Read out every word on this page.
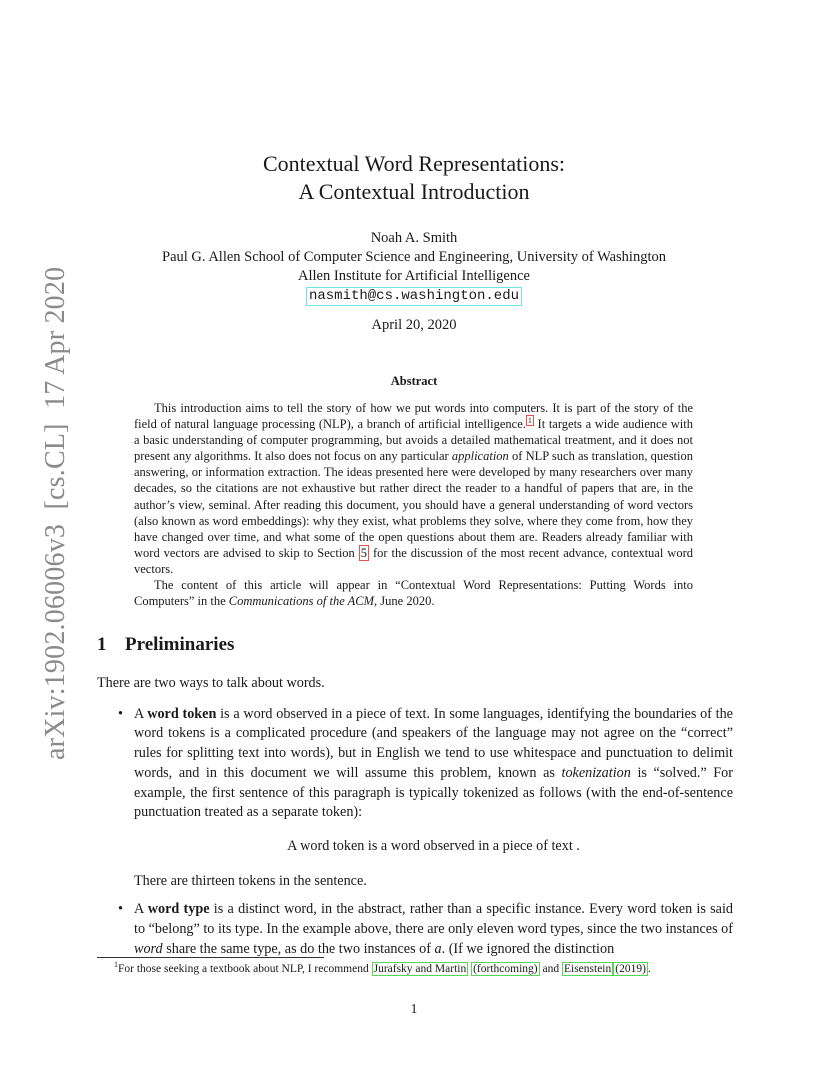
arXiv:1902.06006v3  [cs.CL]  17 Apr 2020
Contextual Word Representations:
A Contextual Introduction
Noah A. Smith
Paul G. Allen School of Computer Science and Engineering, University of Washington
Allen Institute for Artificial Intelligence
nasmith@cs.washington.edu
April 20, 2020
Abstract

This introduction aims to tell the story of how we put words into computers. It is part of the story of the field of natural language processing (NLP), a branch of artificial intelligence. $^1$ It targets a wide audience with a basic understanding of computer programming, but avoids a detailed mathematical treatment, and it does not present any algorithms. It also does not focus on any particular application of NLP such as translation, question answering, or information extraction. The ideas presented here were developed by many researchers over many decades, so the citations are not exhaustive but rather direct the reader to a handful of papers that are, in the author’s view, seminal. After reading this document, you should have a general understanding of word vectors (also known as word embeddings): why they exist, what problems they solve, where they come from, how they have changed over time, and what some of the open questions about them are. Readers already familiar with word vectors are advised to skip to Section 5 for the discussion of the most recent advance, contextual word vectors.

The content of this article will appear in “Contextual Word Representations: Putting Words into Computers” in the Communications of the ACM, June 2020.

1 Preliminaries

There are two ways to talk about words.

• A word token is a word observed in a piece of text. In some languages, identifying the boundaries of the word tokens is a complicated procedure (and speakers of the language may not agree on the “correct” rules for splitting text into words), but in English we tend to use whitespace and punctuation to delimit words, and in this document we will assume this problem, known as tokenization is “solved.” For example, the first sentence of this paragraph is typically tokenized as follows (with the end-of-sentence punctuation treated as a separate token):
A word token is a word observed in a piece of text .
There are thirteen tokens in the sentence.
• A word type is a distinct word, in the abstract, rather than a specific instance. Every word token is said to “belong” to its type. In the example above, there are only eleven word types, since the two instances of word share the same type, as do the two instances of a. (If we ignored the distinction
$^1$For those seeking a textbook about NLP, I recommend Jurafsky and Martin (forthcoming) and Eisenstein (2019) .
1
